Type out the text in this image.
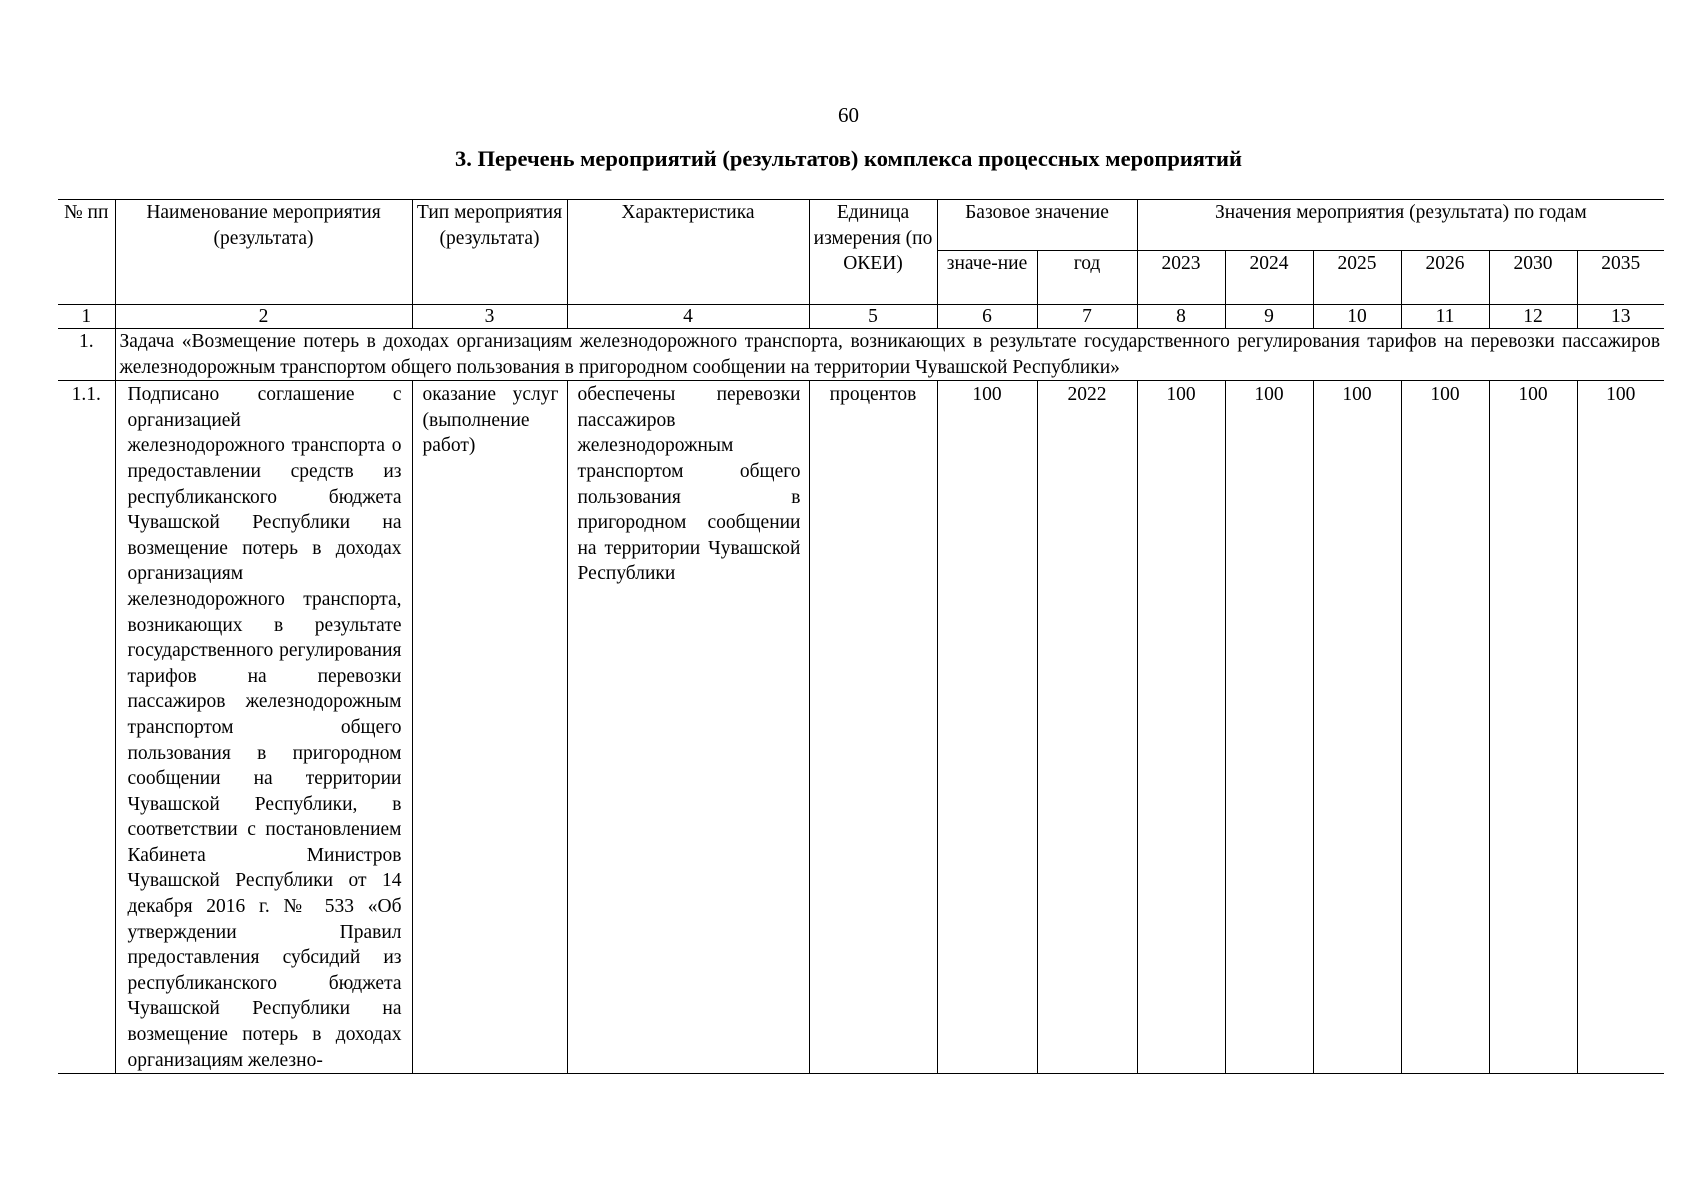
60
3. Перечень мероприятий (результатов) комплекса процессных мероприятий
№ пп	Наименование мероприятия (результата)	Тип мероприятия (результата)	Характеристика	Единица измерения (по ОКЕИ)	Базовое значение		Значения мероприятия (результата) по годам					
					значе-ние	год	2023	2024	2025	2026	2030	2035
1	2	3	4	5	6	7	8	9	10	11	12	13
1.	Задача «Возмещение потерь в доходах организациям железнодорожного транспорта, возникающих в результате государственного регулирования тарифов на перевозки пассажиров железнодорожным транспортом общего пользования в пригородном сообщении на территории Чувашской Республики»											
1.1.	Подписано соглашение с организацией железнодорожного транспорта о предоставлении средств из республиканского бюджета Чувашской Республики на возмещение потерь в доходах организациям железнодорожного транспорта, возникающих в результате государственного регулирования тарифов на перевозки пассажиров железнодорожным транспортом общего пользования в пригородном сообщении на территории Чувашской Республики, в соответствии с постановлением Кабинета Министров Чувашской Республики от 14 декабря 2016 г. № 533 «Об утверждении Правил предоставления субсидий из республиканского бюджета Чувашской Республики на возмещение потерь в доходах организациям железно-	оказание услуг (выполнение работ)	обеспечены перевозки пассажиров железнодорожным транспортом общего пользования в пригородном сообщении на территории Чувашской Республики	процентов	100	2022	100	100	100	100	100	100
